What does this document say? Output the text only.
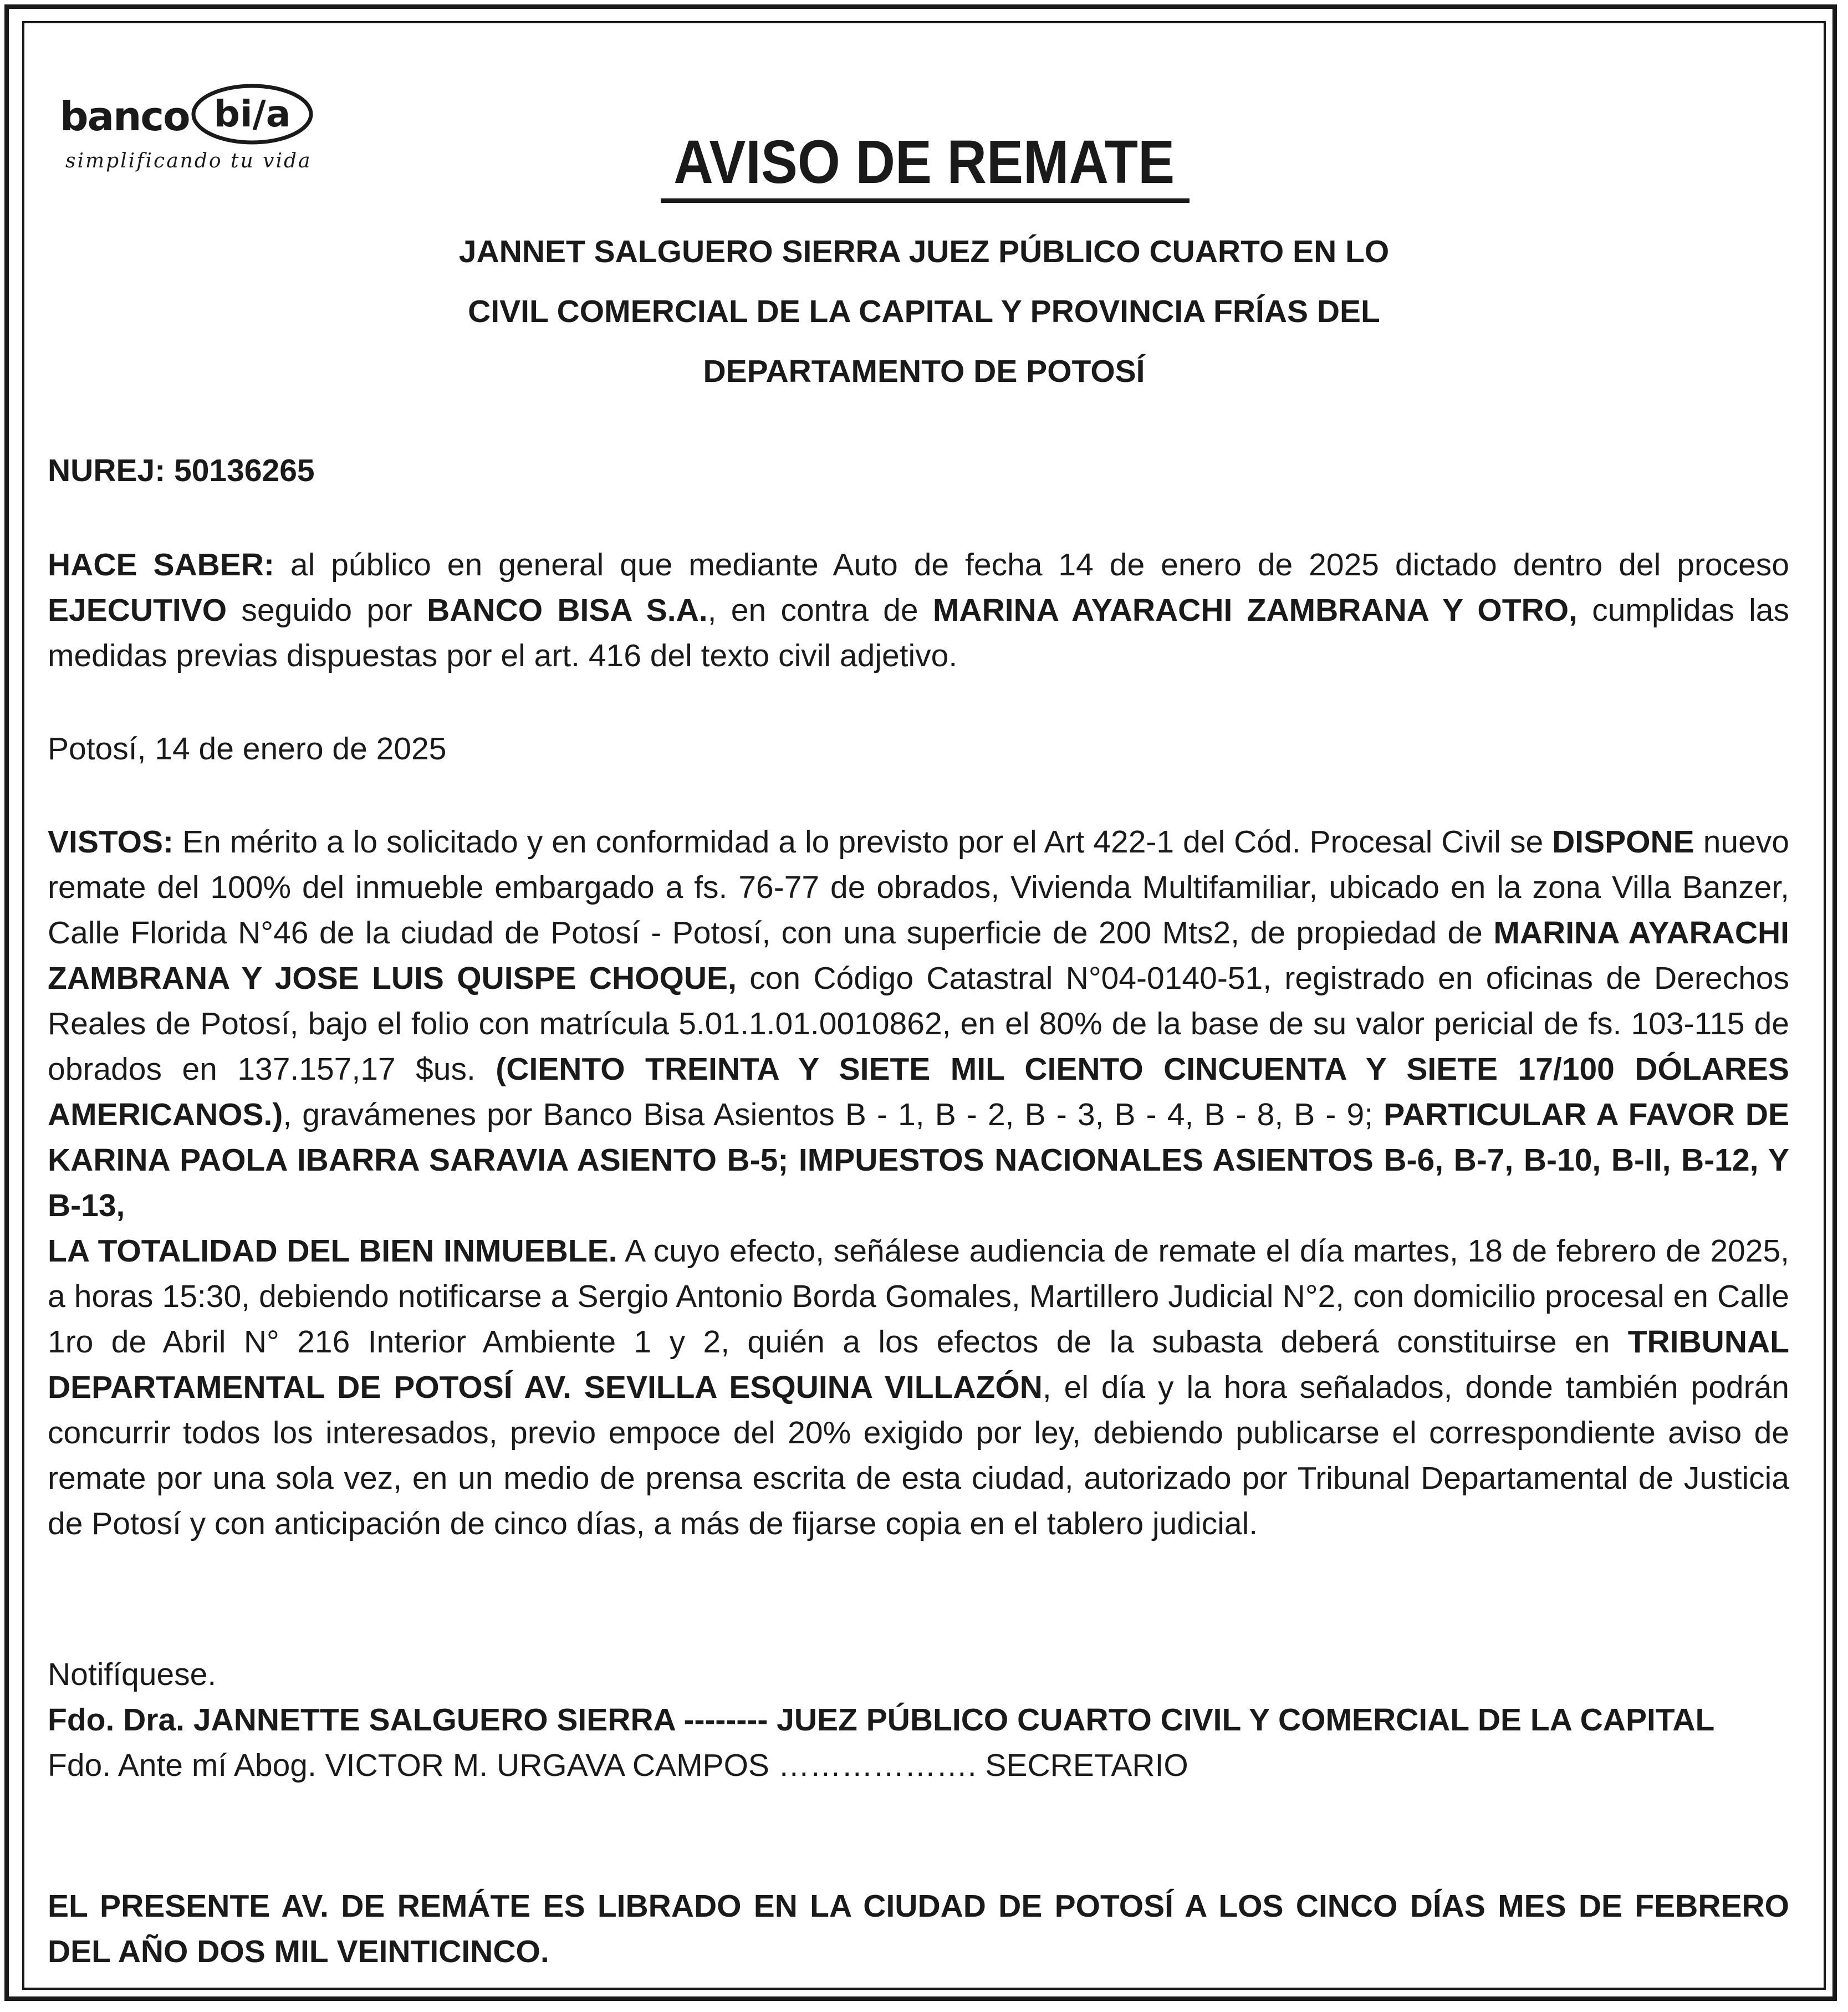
banco bi∕a
simplificando tu vida	AVISO DE REMATE
JANNET SALGUERO SIERRA JUEZ PÚBLICO CUARTO EN LO
CIVIL COMERCIAL DE LA CAPITAL Y PROVINCIA FRÍAS DEL
DEPARTAMENTO DE POTOSÍ
NUREJ: 50136265
HACE SABER: al público en general que mediante Auto de fecha 14 de enero de 2025 dictado dentro del proceso EJECUTIVO seguido por BANCO BISA S.A., en contra de MARINA AYARACHI ZAMBRANA Y OTRO, cumplidas las medidas previas dispuestas por el art. 416 del texto civil adjetivo.
Potosí, 14 de enero de 2025
VISTOS: En mérito a lo solicitado y en conformidad a lo previsto por el Art 422-1 del Cód. Procesal Civil se DISPONE nuevo remate del 100% del inmueble embargado a fs. 76-77 de obrados, Vivienda Multifamiliar, ubicado en la zona Villa Banzer, Calle Florida N°46 de la ciudad de Potosí - Potosí, con una superficie de 200 Mts2, de propiedad de MARINA AYARACHI ZAMBRANA Y JOSE LUIS QUISPE CHOQUE, con Código Catastral N°04-0140-51, registrado en oficinas de Derechos Reales de Potosí, bajo el folio con matrícula 5.01.1.01.0010862, en el 80% de la base de su valor pericial de fs. 103-115 de obrados en 137.157,17 $us. (CIENTO TREINTA Y SIETE MIL CIENTO CINCUENTA Y SIETE 17/100 DÓLARES AMERICANOS.), gravámenes por Banco Bisa Asientos B - 1, B - 2, B - 3, B - 4, B - 8, B - 9; PARTICULAR A FAVOR DE KARINA PAOLA IBARRA SARAVIA ASIENTO B-5; IMPUESTOS NACIONALES ASIENTOS B-6, B-7, B-10, B-II, B-12, Y B-13,
LA TOTALIDAD DEL BIEN INMUEBLE. A cuyo efecto, señálese audiencia de remate el día martes, 18 de febrero de 2025, a horas 15:30, debiendo notificarse a Sergio Antonio Borda Gomales, Martillero Judicial N°2, con domicilio procesal en Calle 1ro de Abril N° 216 Interior Ambiente 1 y 2, quién a los efectos de la subasta deberá constituirse en TRIBUNAL DEPARTAMENTAL DE POTOSÍ AV. SEVILLA ESQUINA VILLAZÓN, el día y la hora señalados, donde también podrán concurrir todos los interesados, previo empoce del 20% exigido por ley, debiendo publicarse el correspondiente aviso de remate por una sola vez, en un medio de prensa escrita de esta ciudad, autorizado por Tribunal Departamental de Justicia de Potosí y con anticipación de cinco días, a más de fijarse copia en el tablero judicial.
Notifíquese.
Fdo. Dra. JANNETTE SALGUERO SIERRA -------- JUEZ PÚBLICO CUARTO CIVIL Y COMERCIAL DE LA CAPITAL
Fdo. Ante mí Abog. VICTOR M. URGAVA CAMPOS ………………. SECRETARIO
EL PRESENTE AV. DE REMÁTE ES LIBRADO EN LA CIUDAD DE POTOSÍ A LOS CINCO DÍAS MES DE FEBRERO DEL AÑO DOS MIL VEINTICINCO.
